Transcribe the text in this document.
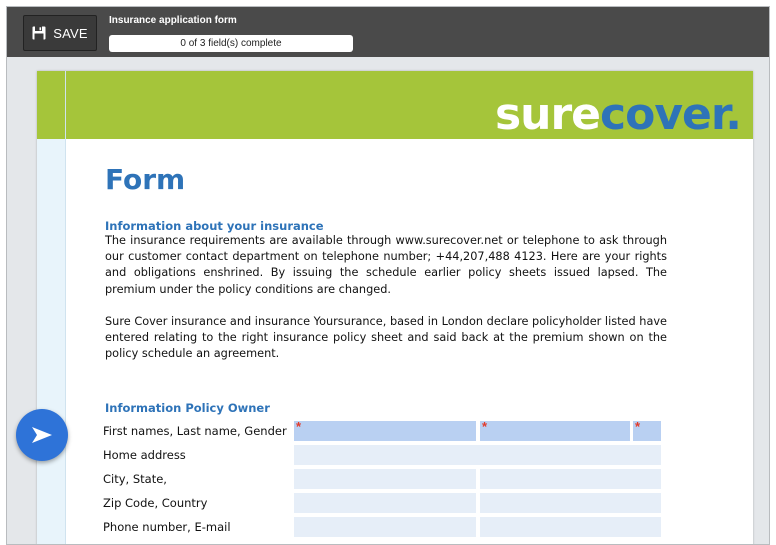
SAVE
Insurance application form
0 of 3 field(s) complete
surecover.
Form
Information about your insurance
The insurance requirements are available through www.surecover.net or telephone to ask through our customer contact department on telephone number; +44,207,488 4123. Here are your rights and obligations enshrined. By issuing the schedule earlier policy sheets issued lapsed. The premium under the policy conditions are changed.
Sure Cover insurance and insurance Yoursurance, based in London declare policyholder listed have entered relating to the right insurance policy sheet and said back at the premium shown on the policy schedule an agreement.
Information Policy Owner
First names, Last name, Gender *	*	*
Home address
City, State,
Zip Code, Country
Phone number, E-mail
